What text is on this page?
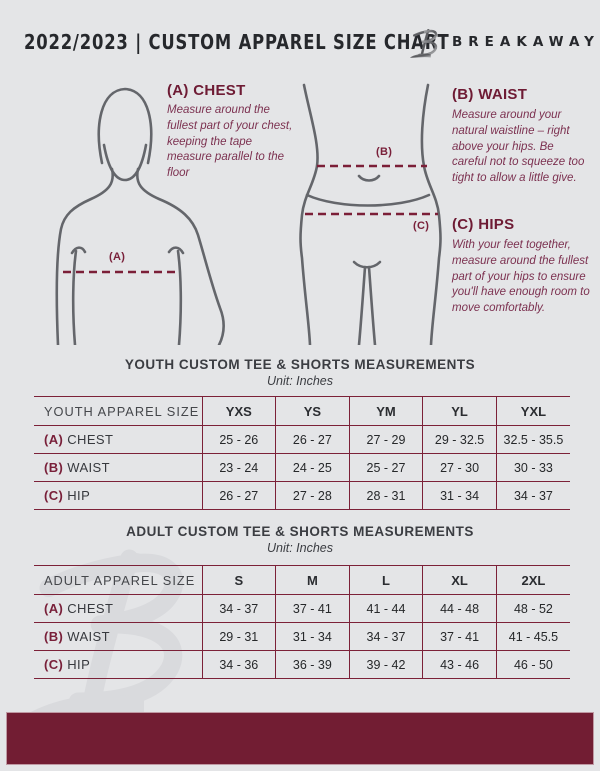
2022/2023 | CUSTOM APPAREL SIZE CHART BREAKAWAY
(A)
(B)
(C)
(A) CHEST
Measure around the fullest part of your chest, keeping the tape measure parallel to the floor
(B) WAIST
Measure around your natural waistline – right above your hips. Be careful not to squeeze too tight to allow a little give.
(C) HIPS
With your feet together, measure around the fullest part of your hips to ensure you'll have enough room to move comfortably.
YOUTH CUSTOM TEE & SHORTS MEASUREMENTS
Unit: Inches
YOUTH APPAREL SIZE	YXS	YS	YM	YL	YXL
(A) CHEST	25 - 26	26 - 27	27 - 29	29 - 32.5	32.5 - 35.5
(B) WAIST	23 - 24	24 - 25	25 - 27	27 - 30	30 - 33
(C) HIP	26 - 27	27 - 28	28 - 31	31 - 34	34 - 37
ADULT CUSTOM TEE & SHORTS MEASUREMENTS
Unit: Inches
ADULT APPAREL SIZE	S	M	L	XL	2XL
(A) CHEST	34 - 37	37 - 41	41 - 44	44 - 48	48 - 52
(B) WAIST	29 - 31	31 - 34	34 - 37	37 - 41	41 - 45.5
(C) HIP	34 - 36	36 - 39	39 - 42	43 - 46	46 - 50
